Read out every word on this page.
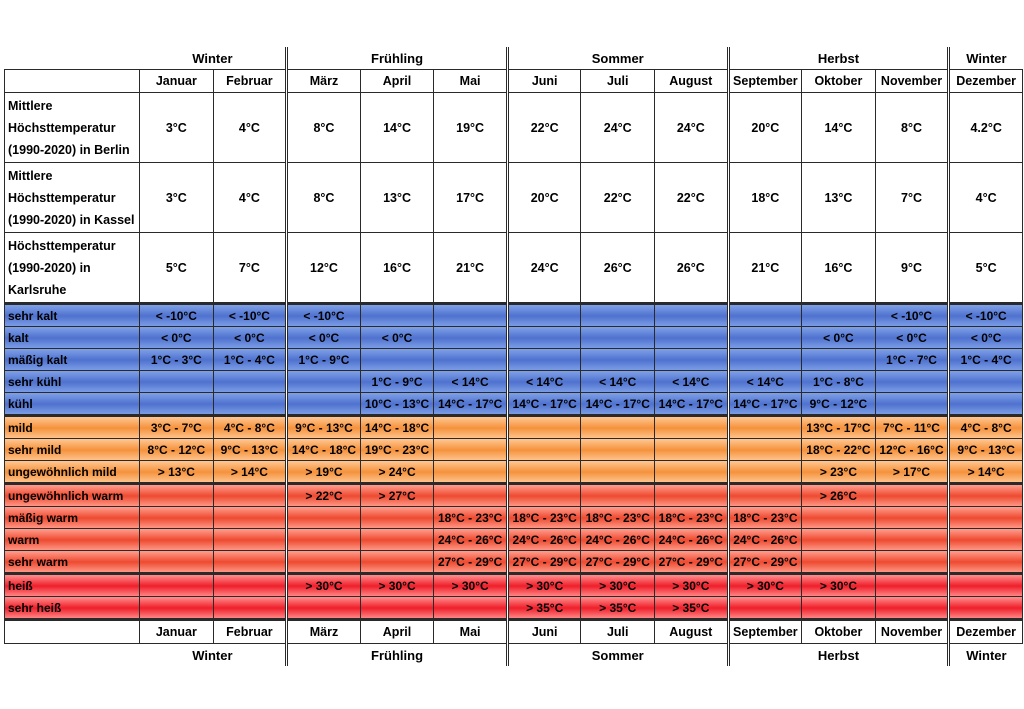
	Winter		Frühling			Sommer			Herbst			Winter
	Januar	Februar	März	April	Mai	Juni	Juli	August	September	Oktober	November	Dezember
Mittlere Höchsttemperatur (1990-2020) in Berlin	3°C	4°C	8°C	14°C	19°C	22°C	24°C	24°C	20°C	14°C	8°C	4.2°C
Mittlere Höchsttemperatur (1990-2020) in Kassel	3°C	4°C	8°C	13°C	17°C	20°C	22°C	22°C	18°C	13°C	7°C	4°C
Höchsttemperatur (1990-2020) in Karlsruhe	5°C	7°C	12°C	16°C	21°C	24°C	26°C	26°C	21°C	16°C	9°C	5°C
sehr kalt	< -10°C	< -10°C	< -10°C								< -10°C	< -10°C
kalt	< 0°C	< 0°C	< 0°C	< 0°C						< 0°C	< 0°C	< 0°C
mäßig kalt	1°C - 3°C	1°C - 4°C	1°C - 9°C								1°C - 7°C	1°C - 4°C
sehr kühl				1°C - 9°C	< 14°C	< 14°C	< 14°C	< 14°C	< 14°C	1°C - 8°C		
kühl				10°C - 13°C	14°C - 17°C	14°C - 17°C	14°C - 17°C	14°C - 17°C	14°C - 17°C	9°C - 12°C		
mild	3°C - 7°C	4°C - 8°C	9°C - 13°C	14°C - 18°C						13°C - 17°C	7°C - 11°C	4°C - 8°C
sehr mild	8°C - 12°C	9°C - 13°C	14°C - 18°C	19°C - 23°C						18°C - 22°C	12°C - 16°C	9°C - 13°C
ungewöhnlich mild	> 13°C	> 14°C	> 19°C	> 24°C						> 23°C	> 17°C	> 14°C
ungewöhnlich warm			> 22°C	> 27°C						> 26°C		
mäßig warm					18°C - 23°C	18°C - 23°C	18°C - 23°C	18°C - 23°C	18°C - 23°C			
warm					24°C - 26°C	24°C - 26°C	24°C - 26°C	24°C - 26°C	24°C - 26°C			
sehr warm					27°C - 29°C	27°C - 29°C	27°C - 29°C	27°C - 29°C	27°C - 29°C			
heiß			> 30°C	> 30°C	> 30°C	> 30°C	> 30°C	> 30°C	> 30°C	> 30°C		
sehr heiß						> 35°C	> 35°C	> 35°C				
	Januar	Februar	März	April	Mai	Juni	Juli	August	September	Oktober	November	Dezember
	Winter		Frühling			Sommer			Herbst			Winter
